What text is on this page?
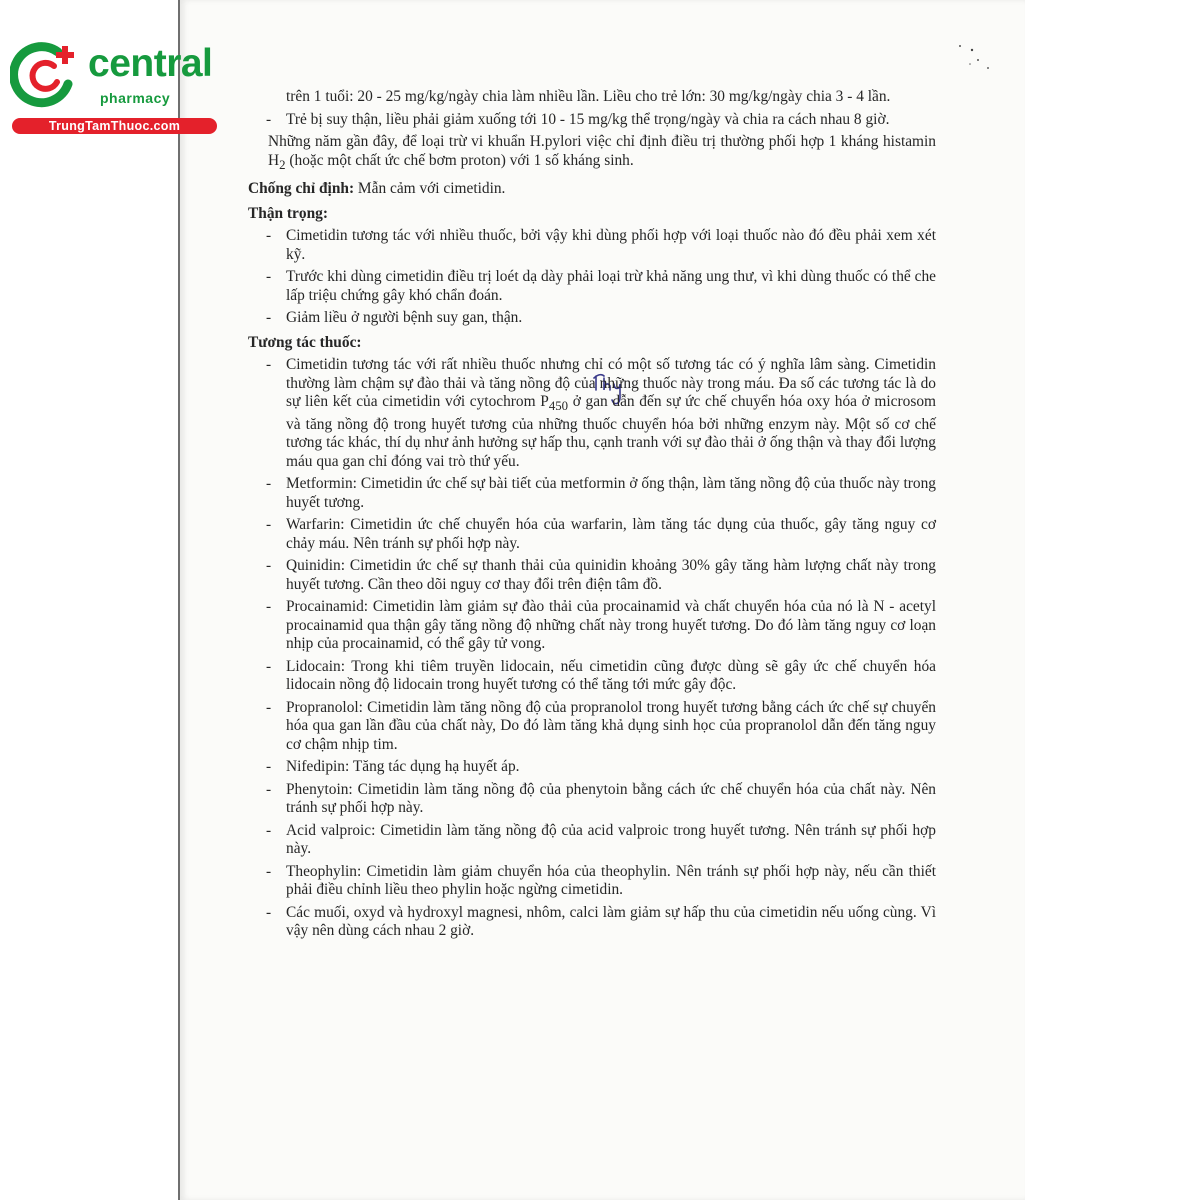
central
pharmacy
TrungTamThuoc.com

trên 1 tuổi: 20 - 25 mg/kg/ngày chia làm nhiều lần. Liều cho trẻ lớn: 30 mg/kg/ngày chia 3 - 4 lần.

- Trẻ bị suy thận, liều phải giảm xuống tới 10 - 15 mg/kg thể trọng/ngày và chia ra cách nhau 8 giờ.

Những năm gần đây, để loại trừ vi khuẩn H.pylori việc chỉ định điều trị thường phối hợp 1 kháng histamin $H_2$ (hoặc một chất ức chế bơm proton) với 1 số kháng sinh.

Chống chỉ định: Mẫn cảm với cimetidin.

Thận trọng:

- Cimetidin tương tác với nhiều thuốc, bởi vậy khi dùng phối hợp với loại thuốc nào đó đều phải xem xét kỹ.

- Trước khi dùng cimetidin điều trị loét dạ dày phải loại trừ khả năng ung thư, vì khi dùng thuốc có thể che lấp triệu chứng gây khó chẩn đoán.

- Giảm liều ở người bệnh suy gan, thận.

Tương tác thuốc:

- Cimetidin tương tác với rất nhiều thuốc nhưng chỉ có một số tương tác có ý nghĩa lâm sàng. Cimetidin thường làm chậm sự đào thải và tăng nồng độ của những thuốc này trong máu. Đa số các tương tác là do sự liên kết của cimetidin với cytochrom $P_{450}$ ở gan dẫn đến sự ức chế chuyển hóa oxy hóa ở microsom và tăng nồng độ trong huyết tương của những thuốc chuyển hóa bởi những enzym này. Một số cơ chế tương tác khác, thí dụ như ảnh hưởng sự hấp thu, cạnh tranh với sự đào thải ở ống thận và thay đổi lượng máu qua gan chỉ đóng vai trò thứ yếu.

- Metformin: Cimetidin ức chế sự bài tiết của metformin ở ống thận, làm tăng nồng độ của thuốc này trong huyết tương.

- Warfarin: Cimetidin ức chế chuyển hóa của warfarin, làm tăng tác dụng của thuốc, gây tăng nguy cơ chảy máu. Nên tránh sự phối hợp này.

- Quinidin: Cimetidin ức chế sự thanh thải của quinidin khoảng 30% gây tăng hàm lượng chất này trong huyết tương. Cần theo dõi nguy cơ thay đổi trên điện tâm đồ.

- Procainamid: Cimetidin làm giảm sự đào thải của procainamid và chất chuyển hóa của nó là N - acetyl procainamid qua thận gây tăng nồng độ những chất này trong huyết tương. Do đó làm tăng nguy cơ loạn nhịp của procainamid, có thể gây tử vong.

- Lidocain: Trong khi tiêm truyền lidocain, nếu cimetidin cũng được dùng sẽ gây ức chế chuyển hóa lidocain nồng độ lidocain trong huyết tương có thể tăng tới mức gây độc.

- Propranolol: Cimetidin làm tăng nồng độ của propranolol trong huyết tương bằng cách ức chế sự chuyển hóa qua gan lần đầu của chất này, Do đó làm tăng khả dụng sinh học của propranolol dẫn đến tăng nguy cơ chậm nhịp tim.

- Nifedipin: Tăng tác dụng hạ huyết áp.

- Phenytoin: Cimetidin làm tăng nồng độ của phenytoin bằng cách ức chế chuyển hóa của chất này. Nên tránh sự phối hợp này.

- Acid valproic: Cimetidin làm tăng nồng độ của acid valproic trong huyết tương. Nên tránh sự phối hợp này.

- Theophylin: Cimetidin làm giảm chuyển hóa của theophylin. Nên tránh sự phối hợp này, nếu cần thiết phải điều chỉnh liều theo phylin hoặc ngừng cimetidin.

- Các muối, oxyd và hydroxyl magnesi, nhôm, calci làm giảm sự hấp thu của cimetidin nếu uống cùng. Vì vậy nên dùng cách nhau 2 giờ.
